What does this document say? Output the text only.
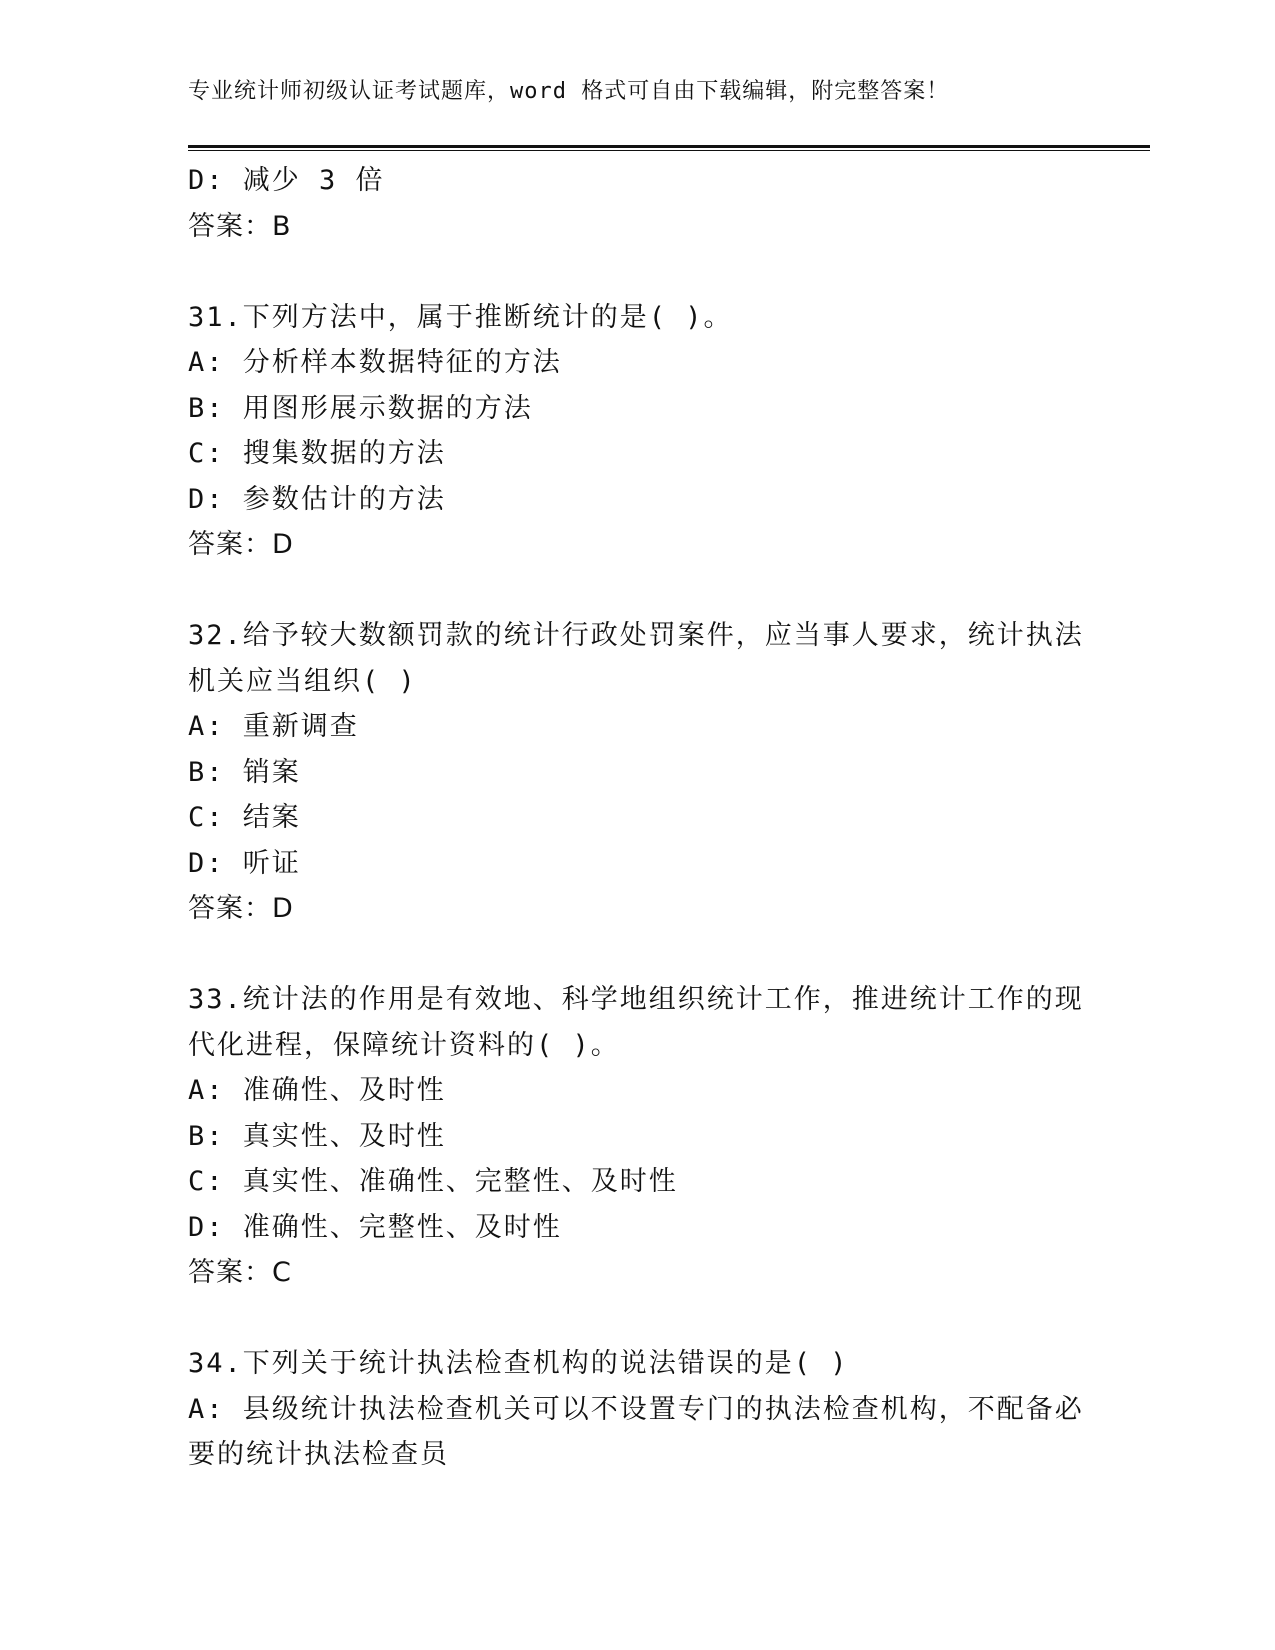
专业统计师初级认证考试题库，word 格式可自由下载编辑，附完整答案！
D: 减少 3 倍
答案：B
31.下列方法中，属于推断统计的是( )。
A: 分析样本数据特征的方法
B: 用图形展示数据的方法
C: 搜集数据的方法
D: 参数估计的方法
答案：D
32.给予较大数额罚款的统计行政处罚案件，应当事人要求，统计执法
机关应当组织( )
A: 重新调查
B: 销案
C: 结案
D: 听证
答案：D
33.统计法的作用是有效地、科学地组织统计工作，推进统计工作的现
代化进程，保障统计资料的( )。
A: 准确性、及时性
B: 真实性、及时性
C: 真实性、准确性、完整性、及时性
D: 准确性、完整性、及时性
答案：C
34.下列关于统计执法检查机构的说法错误的是( )
A: 县级统计执法检查机关可以不设置专门的执法检查机构，不配备必
要的统计执法检查员
